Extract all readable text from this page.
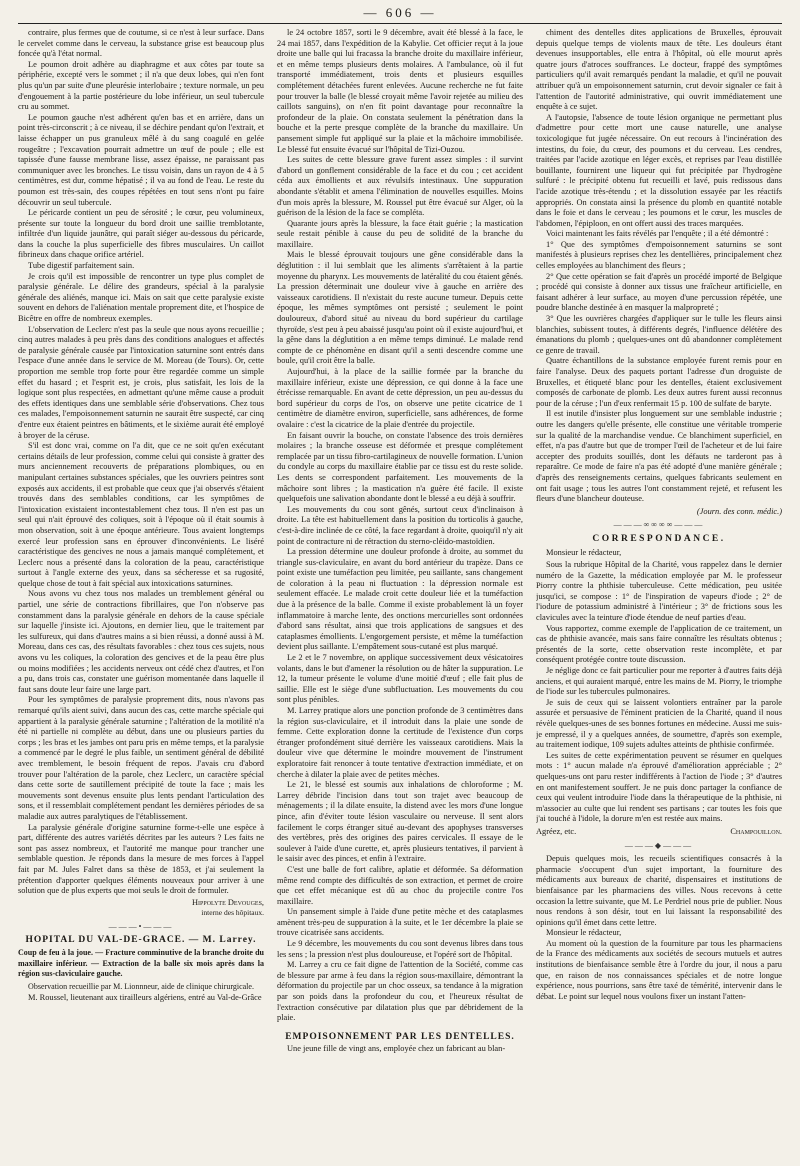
— 606 —

contraire, plus fermes que de coutume, si ce n'est à leur surface. Dans le cervelet comme dans le cerveau, la substance grise est beaucoup plus foncée qu'à l'état normal.

Le poumon droit adhère au diaphragme et aux côtes par toute sa périphérie, excepté vers le sommet ; il n'a que deux lobes, qui n'en font plus qu'un par suite d'une pleurésie interlobaire ; texture normale, un peu d'engouement à la partie postérieure du lobe inférieur, un seul tubercule cru au sommet.

Le poumon gauche n'est adhérent qu'en bas et en arrière, dans un point très-circonscrit ; à ce niveau, il se déchire pendant qu'on l'extrait, et laisse échapper un pus granuleux mêlé à du sang coagulé en gelée rougeâtre ; l'excavation pourrait admettre un œuf de poule ; elle est tapissée d'une fausse membrane lisse, assez épaisse, ne paraissant pas communiquer avec les bronches. Le tissu voisin, dans un rayon de 4 à 5 centimètres, est dur, comme hépatisé ; il va au fond de l'eau. Le reste du poumon est très-sain, des coupes répétées en tout sens n'ont pu faire découvrir un seul tubercule.

Le péricarde contient un peu de sérosité ; le cœur, peu volumineux, présente sur toute la longueur du bord droit une saillie tremblotante, infiltrée d'un liquide jaunâtre, qui paraît siéger au-dessous du péricarde, dans la couche la plus superficielle des fibres musculaires. Un caillot fibrineux dans chaque orifice artériel.

Tube digestif parfaitement sain.

Je crois qu'il est impossible de rencontrer un type plus complet de paralysie générale. Le délire des grandeurs, spécial à la paralysie générale des aliénés, manque ici. Mais on sait que cette paralysie existe souvent en dehors de l'aliénation mentale proprement dite, et l'hospice de Bicêtre en offre de nombreux exemples.

L'observation de Leclerc n'est pas la seule que nous ayons recueillie ; cinq autres malades à peu près dans des conditions analogues et affectés de paralysie générale causée par l'intoxication saturnine sont entrés dans l'espace d'une année dans le service de M. Moreau (de Tours). Or, cette proportion me semble trop forte pour être regardée comme un simple effet du hasard ; et l'esprit est, je crois, plus satisfait, les lois de la logique sont plus respectées, en admettant qu'une même cause a produit des effets identiques dans une semblable série d'observations. Chez tous ces malades, l'empoisonnement saturnin ne saurait être suspecté, car cinq d'entre eux étaient peintres en bâtiments, et le sixième aurait été employé à broyer de la céruse.

S'il est donc vrai, comme on l'a dit, que ce ne soit qu'en exécutant certains détails de leur profession, comme celui qui consiste à gratter des murs anciennement recouverts de préparations plombiques, ou en manipulant certaines substances spéciales, que les ouvriers peintres sont exposés aux accidents, il est probable que ceux que j'ai observés s'étaient trouvés dans des semblables conditions, car les symptômes de l'intoxication existaient incontestablement chez tous. Il n'en est pas un seul qui n'ait éprouvé des coliques, soit à l'époque où il était soumis à mon observation, soit à une époque antérieure. Tous avaient longtemps exercé leur profession sans en éprouver d'inconvénients. Le liséré caractéristique des gencives ne nous a jamais manqué complétement, et Leclerc nous a présenté dans la coloration de la peau, caractéristique surtout à l'angle externe des yeux, dans sa sécheresse et sa rugosité, quelque chose de tout à fait spécial aux intoxications saturnines.

Nous avons vu chez tous nos malades un tremblement général ou partiel, une série de contractions fibrillaires, que l'on n'observe pas constamment dans la paralysie générale en dehors de la cause spéciale sur laquelle j'insiste ici. Ajoutons, en dernier lieu, que le traitement par les sulfureux, qui dans d'autres mains a si bien réussi, a donné aussi à M. Moreau, dans ces cas, des résultats favorables : chez tous ces sujets, nous avons vu les coliques, la coloration des gencives et de la peau être plus ou moins modifiées ; les accidents nerveux ont cédé chez d'autres, et l'on a pu, dans trois cas, constater une guérison momentanée dans laquelle il faut sans doute leur faire une large part.

Pour les symptômes de paralysie proprement dits, nous n'avons pas remarqué qu'ils aient suivi, dans aucun des cas, cette marche spéciale qui appartient à la paralysie générale saturnine ; l'altération de la motilité n'a été ni partielle ni complète au début, dans une ou plusieurs parties du corps ; les bras et les jambes ont paru pris en même temps, et la paralysie a commencé par le degré le plus faible, un sentiment général de débilité avec tremblement, le besoin fréquent de repos. J'avais cru d'abord trouver pour l'altération de la parole, chez Leclerc, un caractère spécial dans cette sorte de sautillement précipité de toute la face ; mais les mouvements sont devenus ensuite plus lents pendant l'articulation des sons, et il ressemblait complétement pendant les dernières périodes de sa maladie aux autres paralytiques de l'établissement.

La paralysie générale d'origine saturnine forme-t-elle une espèce à part, différente des autres variétés décrites par les auteurs ? Les faits ne sont pas assez nombreux, et l'autorité me manque pour trancher une semblable question. Je réponds dans la mesure de mes forces à l'appel fait par M. Jules Falret dans sa thèse de 1853, et j'ai seulement la prétention d'apporter quelques éléments nouveaux pour arriver à une solution que de plus experts que moi seuls le droit de formuler.

Hippolyte Devouges,
interne des hôpitaux.
———•———
HOPITAL DU VAL-DE-GRACE. — M. Larrey.
Coup de feu à la joue. — Fracture comminutive de la branche droite du maxillaire inférieur. — Extraction de la balle six mois après dans la région sus-claviculaire gauche.
Observation recueillie par M. Lionnneur, aide de clinique chirurgicale.

M. Roussel, lieutenant aux tirailleurs algériens, entré au Val-de-Grâce

le 24 octobre 1857, sorti le 9 décembre, avait été blessé à la face, le 24 mai 1857, dans l'expédition de la Kabylie. Cet officier reçut à la joue droite une balle qui lui fracassa la branche droite du maxillaire inférieur, et en même temps plusieurs dents molaires. A l'ambulance, où il fut transporté immédiatement, trois dents et plusieurs esquilles complétement détachées furent enlevées. Aucune recherche ne fut faite pour trouver la balle (le blessé croyait même l'avoir rejetée au milieu des caillots sanguins), on n'en fit point davantage pour reconnaître la profondeur de la plaie. On constata seulement la pénétration dans la bouche et la perte presque complète de la branche du maxillaire. Un pansement simple fut appliqué sur la plaie et la mâchoire immobilisée. Le blessé fut ensuite évacué sur l'hôpital de Tizi-Ouzou.

Les suites de cette blessure grave furent assez simples : il survint d'abord un gonflement considérable de la face et du cou ; cet accident céda aux émollients et aux révulsifs intestinaux. Une suppuration abondante s'établit et amena l'élimination de nouvelles esquilles. Moins d'un mois après la blessure, M. Roussel put être évacué sur Alger, où la guérison de la lésion de la face se compléta.

Quarante jours après la blessure, la face était guérie ; la mastication seule restait pénible à cause du peu de solidité de la branche du maxillaire.

Mais le blessé éprouvait toujours une gêne considérable dans la déglutition : il lui semblait que les aliments s'arrêtaient à la partie moyenne du pharynx. Les mouvements de latéralité du cou étaient gênés. La pression déterminait une douleur vive à gauche en arrière des vaisseaux carotidiens. Il n'existait du reste aucune tumeur. Depuis cette époque, les mêmes symptômes ont persisté ; seulement le point douloureux, d'abord situé au niveau du bord supérieur du cartilage thyroïde, s'est peu à peu abaissé jusqu'au point où il existe aujourd'hui, et la gêne dans la déglutition a en même temps diminué. Le malade rend compte de ce phénomène en disant qu'il a senti descendre comme une boule, qu'il croit être la balle.

Aujourd'hui, à la place de la saillie formée par la branche du maxillaire inférieur, existe une dépression, ce qui donne à la face une étrécisse remarquable. En avant de cette dépression, un peu au-dessus du bord supérieur du corps de l'os, on observe une petite cicatrice de 1 centimètre de diamètre environ, superficielle, sans adhérences, de forme ovalaire : c'est la cicatrice de la plaie d'entrée du projectile.

En faisant ouvrir la bouche, on constate l'absence des trois dernières molaires ; la branche osseuse est déformée et presque complétement remplacée par un tissu fibro-cartilagineux de nouvelle formation. L'union du condyle au corps du maxillaire établie par ce tissu est du reste solide. Les dents se correspondent parfaitement. Les mouvements de la mâchoire sont libres ; la mastication n'a guère été facile. Il existe quelquefois une salivation abondante dont le blessé a eu déjà à souffrir.

Les mouvements du cou sont gênés, surtout ceux d'inclinaison à droite. La tête est habituellement dans la position du torticolis à gauche, c'est-à-dire inclinée de ce côté, la face regardant à droite, quoiqu'il n'y ait point de contracture ni de rétraction du sterno-cléido-mastoïdien.

La pression détermine une douleur profonde à droite, au sommet du triangle sus-claviculaire, en avant du bord antérieur du trapèze. Dans ce point existe une tuméfaction peu limitée, peu saillante, sans changement de coloration à la peau ni fluctuation : la dépression normale est seulement effacée. Le malade croit cette douleur liée et la tuméfaction due à la présence de la balle. Comme il existe probablement là un foyer inflammatoire à marche lente, des onctions mercurielles sont ordonnées d'abord sans résultat, ainsi que trois applications de sangsues et des cataplasmes émollients. L'engorgement persiste, et même la tuméfaction devient plus saillante. L'empâtement sous-cutané est plus marqué.

Le 2 et le 7 novembre, on applique successivement deux vésicatoires volants, dans le but d'amener la résolution ou de hâter la suppuration. Le 12, la tumeur présente le volume d'une moitié d'œuf ; elle fait plus de saillie. Elle est le siège d'une subfluctuation. Les mouvements du cou sont plus pénibles.

M. Larrey pratique alors une ponction profonde de 3 centimètres dans la région sus-claviculaire, et il introduit dans la plaie une sonde de femme. Cette exploration donne la certitude de l'existence d'un corps étranger profondément situé derrière les vaisseaux carotidiens. Mais la douleur vive que détermine le moindre mouvement de l'instrument exploratoire fait renoncer à toute tentative d'extraction immédiate, et on cherche à dilater la plaie avec de petites mèches.

Le 21, le blessé est soumis aux inhalations de chloroforme ; M. Larrey débride l'incision dans tout son trajet avec beaucoup de ménagements ; il la dilate ensuite, la distend avec les mors d'une longue pince, afin d'éviter toute lésion vasculaire ou nerveuse. Il sent alors facilement le corps étranger situé au-devant des apophyses transverses des vertèbres, près des origines des paires cervicales. Il essaye de le soulever à l'aide d'une curette, et, après plusieurs tentatives, il parvient à le saisir avec des pinces, et enfin à l'extraire.

C'est une balle de fort calibre, aplatie et déformée. Sa déformation même rend compte des difficultés de son extraction, et permet de croire que cet effet mécanique est dû au choc du projectile contre l'os maxillaire.

Un pansement simple à l'aide d'une petite mèche et des cataplasmes amènent très-peu de suppuration à la suite, et le 1er décembre la plaie se trouve cicatrisée sans accidents.

Le 9 décembre, les mouvements du cou sont devenus libres dans tous les sens ; la pression n'est plus douloureuse, et l'opéré sort de l'hôpital.

M. Larrey a cru ce fait digne de l'attention de la Société, comme cas de blessure par arme à feu dans la région sous-maxillaire, démontrant la déformation du projectile par un choc osseux, sa tendance à la migration par son poids dans la profondeur du cou, et l'heureux résultat de l'extraction consécutive par dilatation plus que par débridement de la plaie.

EMPOISONNEMENT PAR LES DENTELLES.

Une jeune fille de vingt ans, employée chez un fabricant au blan-

chiment des dentelles dites applications de Bruxelles, éprouvait depuis quelque temps de violents maux de tête. Les douleurs étant devenues insupportables, elle entra à l'hôpital, où elle mourut après quatre jours d'atroces souffrances. Le docteur, frappé des symptômes particuliers qu'il avait remarqués pendant la maladie, et qu'il ne pouvait attribuer qu'à un empoisonnement saturnin, crut devoir signaler ce fait à l'attention de l'autorité administrative, qui ouvrit immédiatement une enquête à ce sujet.

A l'autopsie, l'absence de toute lésion organique ne permettant plus d'admettre pour cette mort une cause naturelle, une analyse toxicologique fut jugée nécessaire. On eut recours à l'incinération des intestins, du foie, du cœur, des poumons et du cerveau. Les cendres, traitées par l'acide azotique en léger excès, et reprises par l'eau distillée bouillante, fournirent une liqueur qui fut précipitée par l'hydrogène sulfuré : le précipité obtenu fut recueilli et lavé, puis redissous dans l'acide azotique très-étendu ; et la dissolution essayée par les réactifs appropriés. On constata ainsi la présence du plomb en quantité notable dans le foie et dans le cerveau ; les poumons et le cœur, les muscles de l'abdomen, l'épiploon, en ont offert aussi des traces marquées.

Voici maintenant les faits révélés par l'enquête ; il a été démontré :

1° Que des symptômes d'empoisonnement saturnins se sont manifestés à plusieurs reprises chez les dentellières, principalement chez celles employées au blanchiment des fleurs ;

2° Que cette opération se fait d'après un procédé importé de Belgique ; procédé qui consiste à donner aux tissus une fraîcheur artificielle, en faisant adhérer à leur surface, au moyen d'une percussion répétée, une poudre blanche destinée à en masquer la malpropreté ;

3° Que les ouvrières chargées d'appliquer sur le tulle les fleurs ainsi blanchies, subissent toutes, à différents degrés, l'influence délétère des émanations du plomb ; quelques-unes ont dû abandonner complètement ce genre de travail.

Quatre échantillons de la substance employée furent remis pour en faire l'analyse. Deux des paquets portant l'adresse d'un droguiste de Bruxelles, et étiqueté blanc pour les dentelles, étaient exclusivement composés de carbonate de plomb. Les deux autres furent aussi reconnus pour de la céruse ; l'un d'eux renfermait 15 p. 100 de sulfate de baryte.

Il est inutile d'insister plus longuement sur une semblable industrie ; outre les dangers qu'elle présente, elle constitue une véritable tromperie sur la qualité de la marchandise vendue. Ce blanchiment superficiel, en effet, n'a pas d'autre but que de tromper l'œil de l'acheteur et de lui faire accepter des produits souillés, dont les défauts ne tarderont pas à reparaître. Ce mode de faire n'a pas été adopté d'une manière générale ; d'après des renseignements certains, quelques fabricants seulement en ont fait usage ; tous les autres l'ont constamment rejeté, et refusent les fleurs d'une blancheur douteuse.

(Journ. des conn. médic.)
———∞∞∞∞———
CORRESPONDANCE.
Monsieur le rédacteur,

Sous la rubrique Hôpital de la Charité, vous rappelez dans le dernier numéro de la Gazette, la médication employée par M. le professeur Piorry contre la phthisie tuberculeuse. Cette médication, peu usitée jusqu'ici, se compose : 1° de l'inspiration de vapeurs d'iode ; 2° de l'iodure de potassium administré à l'intérieur ; 3° de frictions sous les clavicules avec la teinture d'iode étendue de neuf parties d'eau.

Vous rapportez, comme exemple de l'application de ce traitement, un cas de phthisie avancée, mais sans faire connaître les résultats obtenus ; présentés de la sorte, cette observation reste incomplète, et par conséquent protégée contre toute discussion.

Je néglige donc ce fait particulier pour me reporter à d'autres faits déjà anciens, et qui auraient marqué, entre les mains de M. Piorry, le triomphe de l'iode sur les tubercules pulmonaires.

Je suis de ceux qui se laissent volontiers entraîner par la parole assurée et persuasive de l'éminent praticien de la Charité, quand il nous révèle quelques-unes de ses bonnes fortunes en médecine. Aussi me suis-je empressé, il y a quelques années, de soumettre, d'après son exemple, au traitement iodique, 109 sujets adultes atteints de phthisie confirmée.

Les suites de cette expérimentation peuvent se résumer en quelques mots : 1° aucun malade n'a éprouvé d'amélioration appréciable ; 2° quelques-uns ont paru rester indifférents à l'action de l'iode ; 3° d'autres en ont manifestement souffert. Je ne puis donc partager la confiance de ceux qui veulent introduire l'iode dans la thérapeutique de la phthisie, ni m'associer au culte que lui rendent ses partisans ; car toutes les fois que j'ai touché à l'idole, la dorure m'en est restée aux mains.

Agréez, etc.	Champouillon.
———◆———

Depuis quelques mois, les recueils scientifiques consacrés à la pharmacie s'occupent d'un sujet important, la fourniture des médicaments aux bureaux de charité, dispensaires et institutions de bienfaisance par les pharmaciens des villes. Nous recevons à cette occasion la lettre suivante, que M. Le Perdriel nous prie de publier. Nous nous rendons à son désir, tout en lui laissant la responsabilité des opinions qu'il émet dans cette lettre.

Monsieur le rédacteur,

Au moment où la question de la fourniture par tous les pharmaciens de la France des médicaments aux sociétés de secours mutuels et autres institutions de bienfaisance semble être à l'ordre du jour, il nous a paru que, en raison de nos connaissances spéciales et de notre longue expérience, nous pourrions, sans être taxé de témérité, intervenir dans le débat. Le point sur lequel nous voulons fixer un instant l'atten-
